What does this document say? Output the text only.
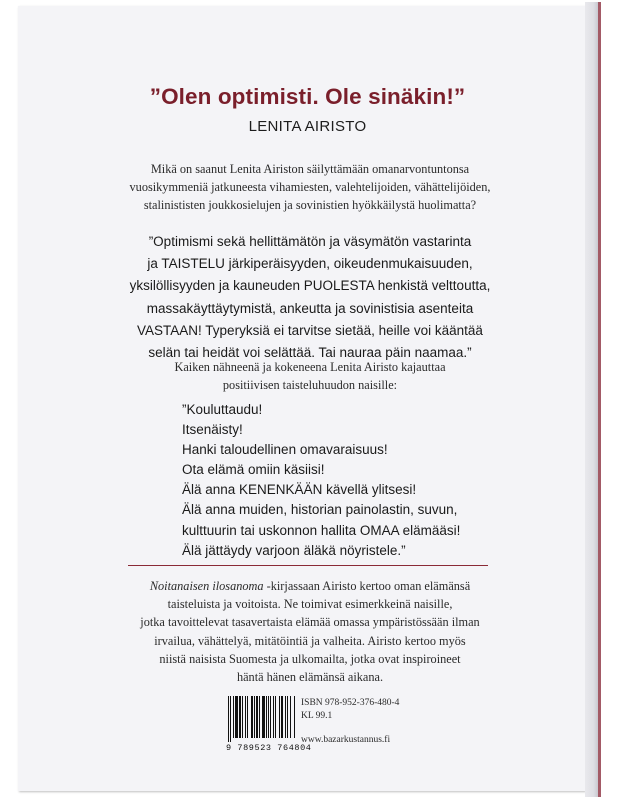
”Olen optimisti. Ole sinäkin!”
LENITA AIRISTO
Mikä on saanut Lenita Airiston säilyttämään omanarvontuntonsa
vuosikymmeniä jatkuneesta vihamiesten, valehtelijoiden, vähättelijöiden,
stalinististen joukkosielujen ja sovinistien hyökkäilystä huolimatta?
”Optimismi sekä hellittämätön ja väsymätön vastarinta
ja TAISTELU järkiperäisyyden, oikeudenmukaisuuden,
yksilöllisyyden ja kauneuden PUOLESTA henkistä velttoutta,
massakäyttäytymistä, ankeutta ja sovinistisia asenteita
VASTAAN! Typeryksiä ei tarvitse sietää, heille voi kääntää
selän tai heidät voi selättää. Tai nauraa päin naamaa.”
Kaiken nähneenä ja kokeneena Lenita Airisto kajauttaa
positiivisen taisteluhuudon naisille:
”Kouluttaudu!
Itsenäisty!
Hanki taloudellinen omavaraisuus!
Ota elämä omiin käsiisi!
Älä anna KENENKÄÄN kävellä ylitsesi!
Älä anna muiden, historian painolastin, suvun,
kulttuurin tai uskonnon hallita OMAA elämääsi!
Älä jättäydy varjoon äläkä nöyristele.”
Noitanaisen ilosanoma -kirjassaan Airisto kertoo oman elämänsä
taisteluista ja voitoista. Ne toimivat esimerkkeinä naisille,
jotka tavoittelevat tasavertaista elämää omassa ympäristössään ilman
irvailua, vähättelyä, mitätöintiä ja valheita. Airisto kertoo myös
niistä naisista Suomesta ja ulkomailta, jotka ovat inspiroineet
häntä hänen elämänsä aikana.
9 789523 764804
ISBN 978-952-376-480-4
KL 99.1
www.bazarkustannus.fi
